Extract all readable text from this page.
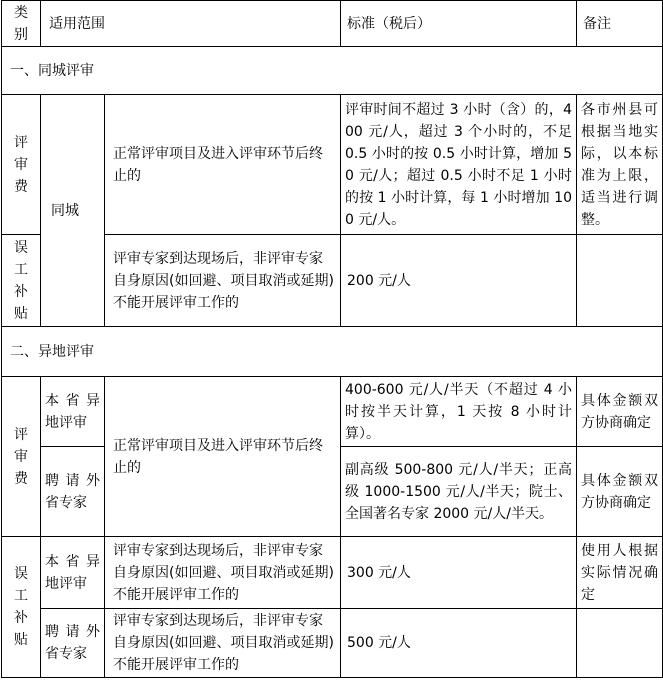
类别	适用范围		标准（税后）	备注
一、同城评审				
评审费	同城	正常评审项目及进入评审环节后终止的	评审时间不超过 3 小时（含）的，400 元/人，超过 3 个小时的，不足 0.5 小时的按 0.5 小时计算，增加 50 元/人；超过 0.5 小时不足 1 小时的按 1 小时计算，每 1 小时增加 100 元/人。	各市州县可根据当地实际，以本标准为上限，适当进行调整。
误工补贴		评审专家到达现场后，非评审专家自身原因(如回避、项目取消或延期)不能开展评审工作的	200 元/人	
二、异地评审				
评审费	本省异地评审	正常评审项目及进入评审环节后终止的	400-600 元/人/半天（不超过 4 小时按半天计算，1 天按 8 小时计算）。	具体金额双方协商确定
	聘请外省专家		副高级 500-800 元/人/半天；正高级 1000-1500 元/人/半天；院士、全国著名专家 2000 元/人/半天。	具体金额双方协商确定
误工补贴	本省异地评审	评审专家到达现场后，非评审专家自身原因(如回避、项目取消或延期)不能开展评审工作的	300 元/人	使用人根据实际情况确定
	聘请外省专家	评审专家到达现场后，非评审专家自身原因(如回避、项目取消或延期)不能开展评审工作的	500 元/人	
